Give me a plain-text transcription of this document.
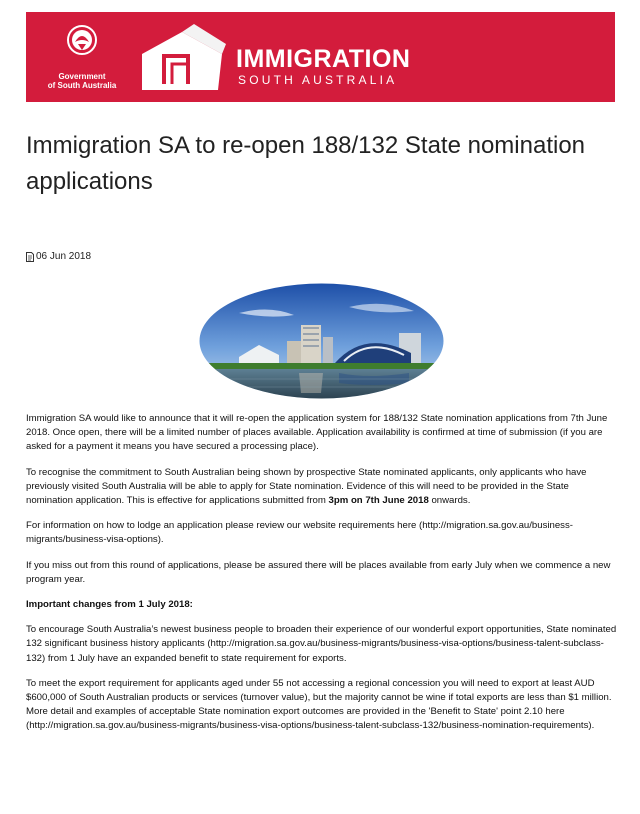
Government
of South Australia
IMMIGRATION
SOUTH AUSTRALIA
Immigration SA to re-open 188/132 State nomination applications
06 Jun 2018

Immigration SA would like to announce that it will re-open the application system for 188/132 State nomination applications from 7th June 2018. Once open, there will be a limited number of places available. Application availability is confirmed at time of submission (if you are asked for a payment it means you have secured a processing place).

To recognise the commitment to South Australian being shown by prospective State nominated applicants, only applicants who have previously visited South Australia will be able to apply for State nomination. Evidence of this will need to be provided in the State nomination application. This is effective for applications submitted from 3pm on 7th June 2018 onwards.

For information on how to lodge an application please review our website requirements here (http://migration.sa.gov.au/business-migrants/business-visa-options).

If you miss out from this round of applications, please be assured there will be places available from early July when we commence a new program year.

Important changes from 1 July 2018:

To encourage South Australia’s newest business people to broaden their experience of our wonderful export opportunities, State nominated 132 significant business history applicants (http://migration.sa.gov.au/business-migrants/business-visa-options/business-talent-subclass-132) from 1 July have an expanded benefit to state requirement for exports.

To meet the export requirement for applicants aged under 55 not accessing a regional concession you will need to export at least AUD $600,000 of South Australian products or services (turnover value), but the majority cannot be wine if total exports are less than $1 million. More detail and examples of acceptable State nomination export outcomes are provided in the 'Benefit to State' point 2.10 here (http://migration.sa.gov.au/business-migrants/business-visa-options/business-talent-subclass-132/business-nomination-requirements).
